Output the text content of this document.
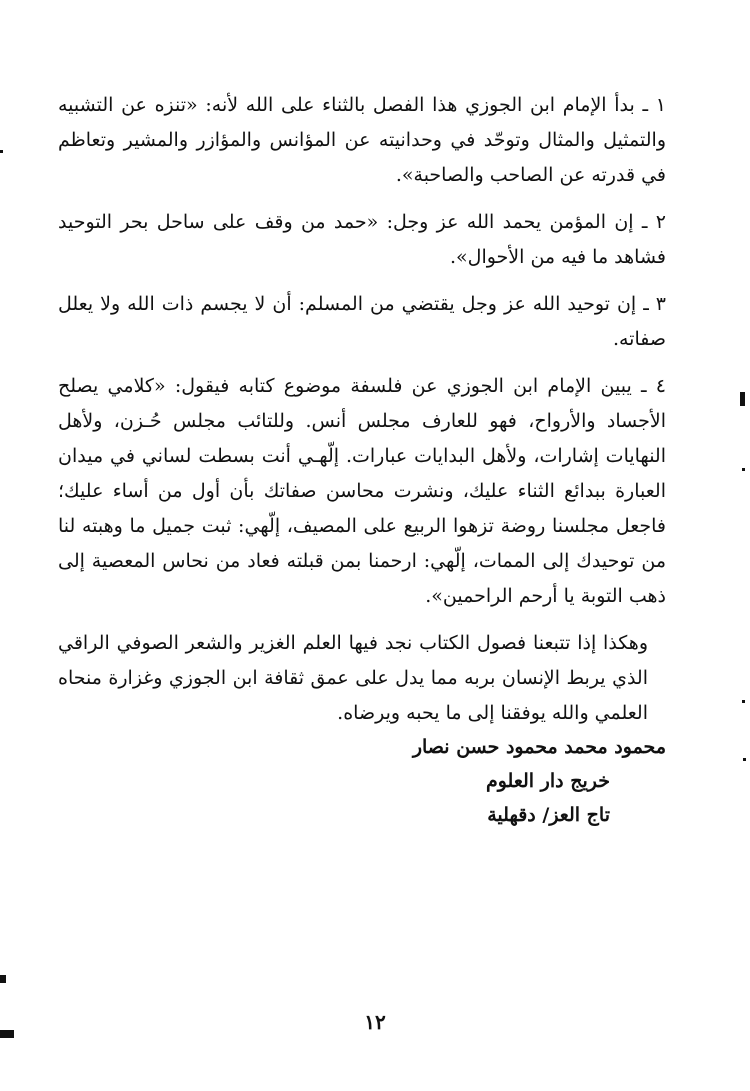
١ ـ بدأ الإمام ابن الجوزي هذا الفصل بالثناء على الله لأنه: «تنزه عن التشبيه والتمثيل والمثال وتوحّد في وحدانيته عن المؤانس والمؤازر والمشير وتعاظم في قدرته عن الصاحب والصاحبة».

٢ ـ إن المؤمن يحمد الله عز وجل: «حمد من وقف على ساحل بحر التوحيد فشاهد ما فيه من الأحوال».

٣ ـ إن توحيد الله عز وجل يقتضي من المسلم: أن لا يجسم ذات الله ولا يعلل صفاته.

٤ ـ يبين الإمام ابن الجوزي عن فلسفة موضوع كتابه فيقول: «كلامي يصلح الأجساد والأرواح، فهو للعارف مجلس أنس. وللتائب مجلس حُـزن، ولأهل النهايات إشارات، ولأهل البدايات عبارات. إلّهـي أنت بسطت لساني في ميدان العبارة ببدائع الثناء عليك، ونشرت محاسن صفاتك بأن أول من أساء عليك؛ فاجعل مجلسنا روضة تزهوا الربيع على المصيف، إلّهي: ثبت جميل ما وهبته لنا من توحيدك إلى الممات، إلّهي: ارحمنا بمن قبلته فعاد من نحاس المعصية إلى ذهب التوبة يا أرحم الراحمين».

وهكذا إذا تتبعنا فصول الكتاب نجد فيها العلم الغزير والشعر الصوفي الراقي الذي يربط الإنسان بربه مما يدل على عمق ثقافة ابن الجوزي وغزارة منحاه العلمي والله يوفقنا إلى ما يحبه ويرضاه.

محمود محمد محمود حسن نصار
خريج دار العلوم
تاج العز/ دقهلية
١٢
